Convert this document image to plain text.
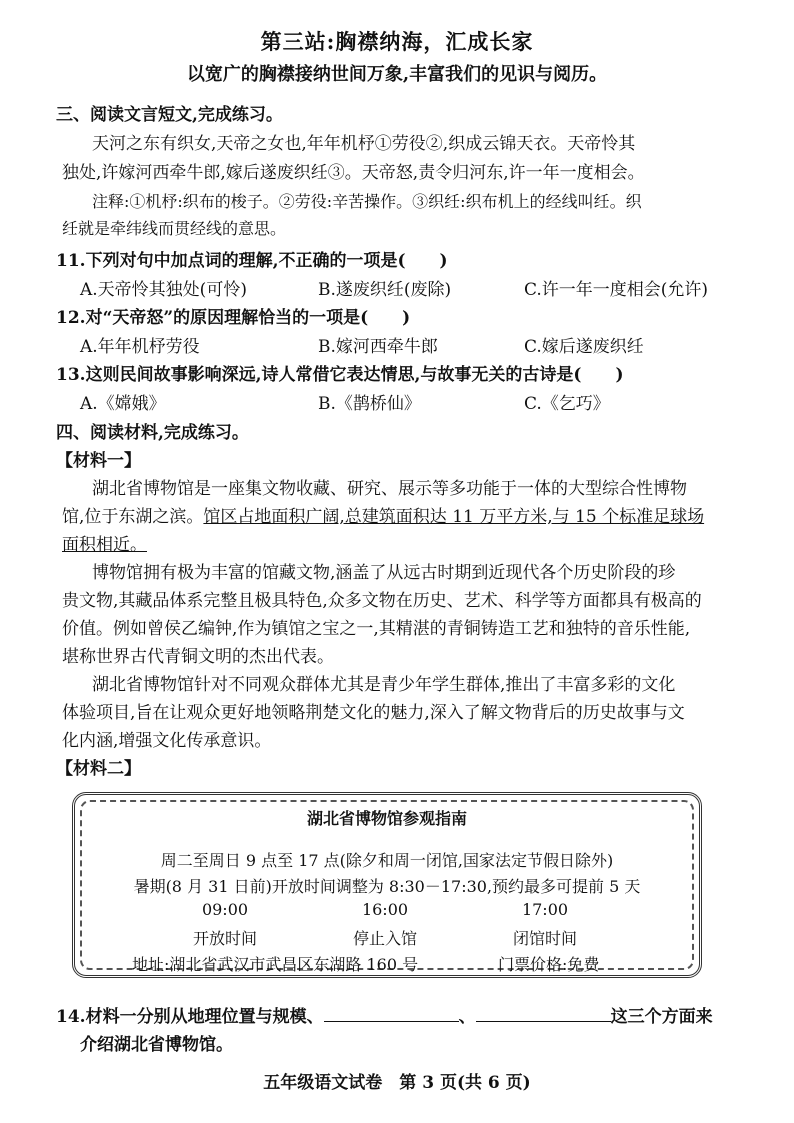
第三站:胸襟纳海，汇成长家
以宽广的胸襟接纳世间万象,丰富我们的见识与阅历。
三、阅读文言短文,完成练习。
天河之东有织女,天帝之女也,年年机杼①劳役②,织成云锦天衣。天帝怜其
独处,许嫁河西牵牛郎,嫁后遂废织纴③。天帝怒,责令归河东,许一年一度相会。
注释:①机杼:织布的梭子。②劳役:辛苦操作。③织纴:织布机上的经线叫纴。织
纴就是牵纬线而贯经线的意思。
11.下列对句中加点词的理解,不正确的一项是(　　)
A.天帝怜其独处(可怜)	B.遂废织纴(废除)	C.许一年一度相会(允许)
12.对“天帝怒”的原因理解恰当的一项是(　　)
A.年年机杼劳役	B.嫁河西牵牛郎	C.嫁后遂废织纴
13.这则民间故事影响深远,诗人常借它表达情思,与故事无关的古诗是(　　)
A.《嫦娥》	B.《鹊桥仙》	C.《乞巧》
四、阅读材料,完成练习。
【材料一】
湖北省博物馆是一座集文物收藏、研究、展示等多功能于一体的大型综合性博物
馆,位于东湖之滨。馆区占地面积广阔,总建筑面积达 11 万平方米,与 15 个标准足球场
面积相近。
博物馆拥有极为丰富的馆藏文物,涵盖了从远古时期到近现代各个历史阶段的珍
贵文物,其藏品体系完整且极具特色,众多文物在历史、艺术、科学等方面都具有极高的
价值。例如曾侯乙编钟,作为镇馆之宝之一,其精湛的青铜铸造工艺和独特的音乐性能,
堪称世界古代青铜文明的杰出代表。
湖北省博物馆针对不同观众群体尤其是青少年学生群体,推出了丰富多彩的文化
体验项目,旨在让观众更好地领略荆楚文化的魅力,深入了解文物背后的历史故事与文
化内涵,增强文化传承意识。
【材料二】
湖北省博物馆参观指南
周二至周日 9 点至 17 点(除夕和周一闭馆,国家法定节假日除外)
暑期(8 月 31 日前)开放时间调整为 8:30－17:30,预约最多可提前 5 天
09:00	16:00	17:00
开放时间	停止入馆	闭馆时间
地址:湖北省武汉市武昌区东湖路 160 号	门票价格:免费
14.材料一分别从地理位置与规模、	、	这三个方面来
介绍湖北省博物馆。
五年级语文试卷　第 3 页(共 6 页)
